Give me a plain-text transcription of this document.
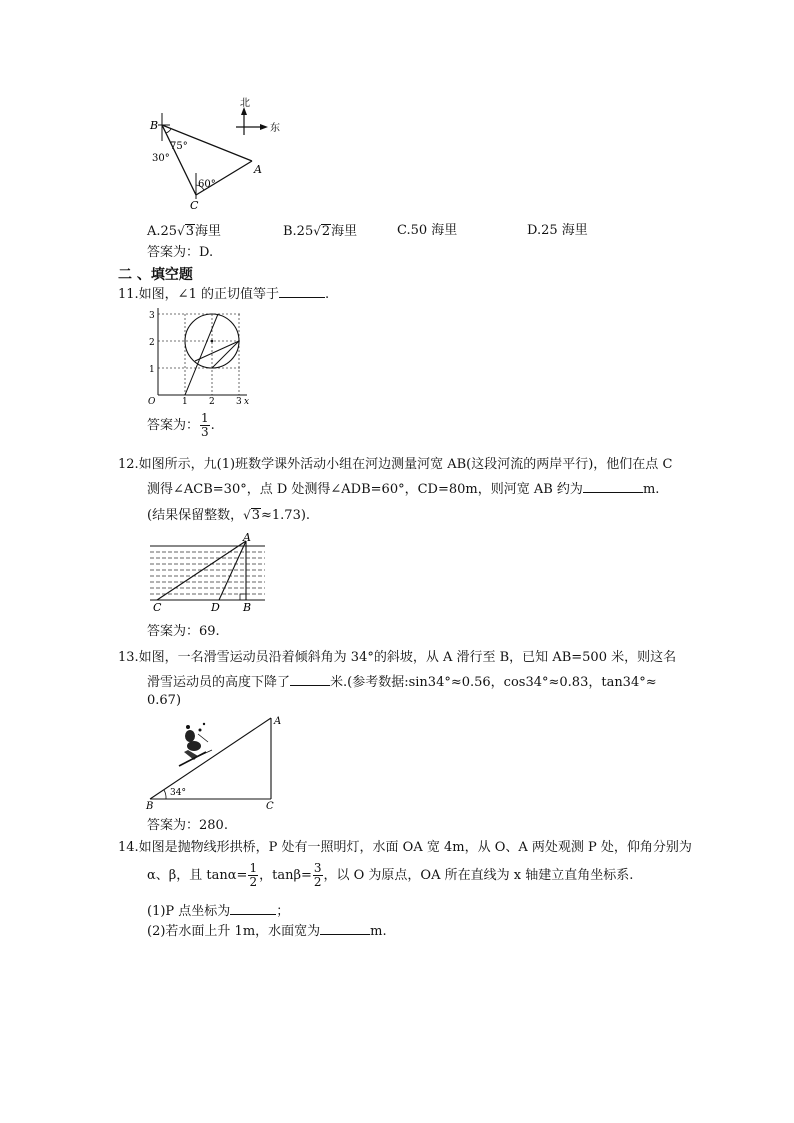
北
东
B
A
C
75°
30°
60°
A.25√3海里	B.25√2海里	C.50 海里	D.25 海里
答案为：D.
二 、填空题
11.如图，∠1 的正切值等于	.
3
2
1
O	1 2 3 x
答案为： $\frac{1}{3}$ .
12.如图所示，九(1)班数学课外活动小组在河边测量河宽 AB(这段河流的两岸平行)，他们在点 C
测得∠ACB=30°，点 D 处测得∠ADB=60°，CD=80m，则河宽 AB 约为	m.
(结果保留整数，√3≈1.73).
A
C	D B
答案为：69.
13.如图，一名滑雪运动员沿着倾斜角为 34°的斜坡，从 A 滑行至 B，已知 AB=500 米，则这名
滑雪运动员的高度下降了	米.(参考数据:sin34°≈0.56，cos34°≈0.83，tan34°≈
0.67)
A
B	C
34°
答案为：280.
14.如图是抛物线形拱桥，P 处有一照明灯，水面 OA 宽 4m，从 O、A 两处观测 P 处，仰角分别为
α、β，且 $\tan\alpha= \frac{1}{2}$ ，$\tan\beta= \frac{3}{2}$ ，以 O 为原点，OA 所在直线为 x 轴建立直角坐标系.
(1)P 点坐标为	；
(2)若水面上升 1m，水面宽为	m.
